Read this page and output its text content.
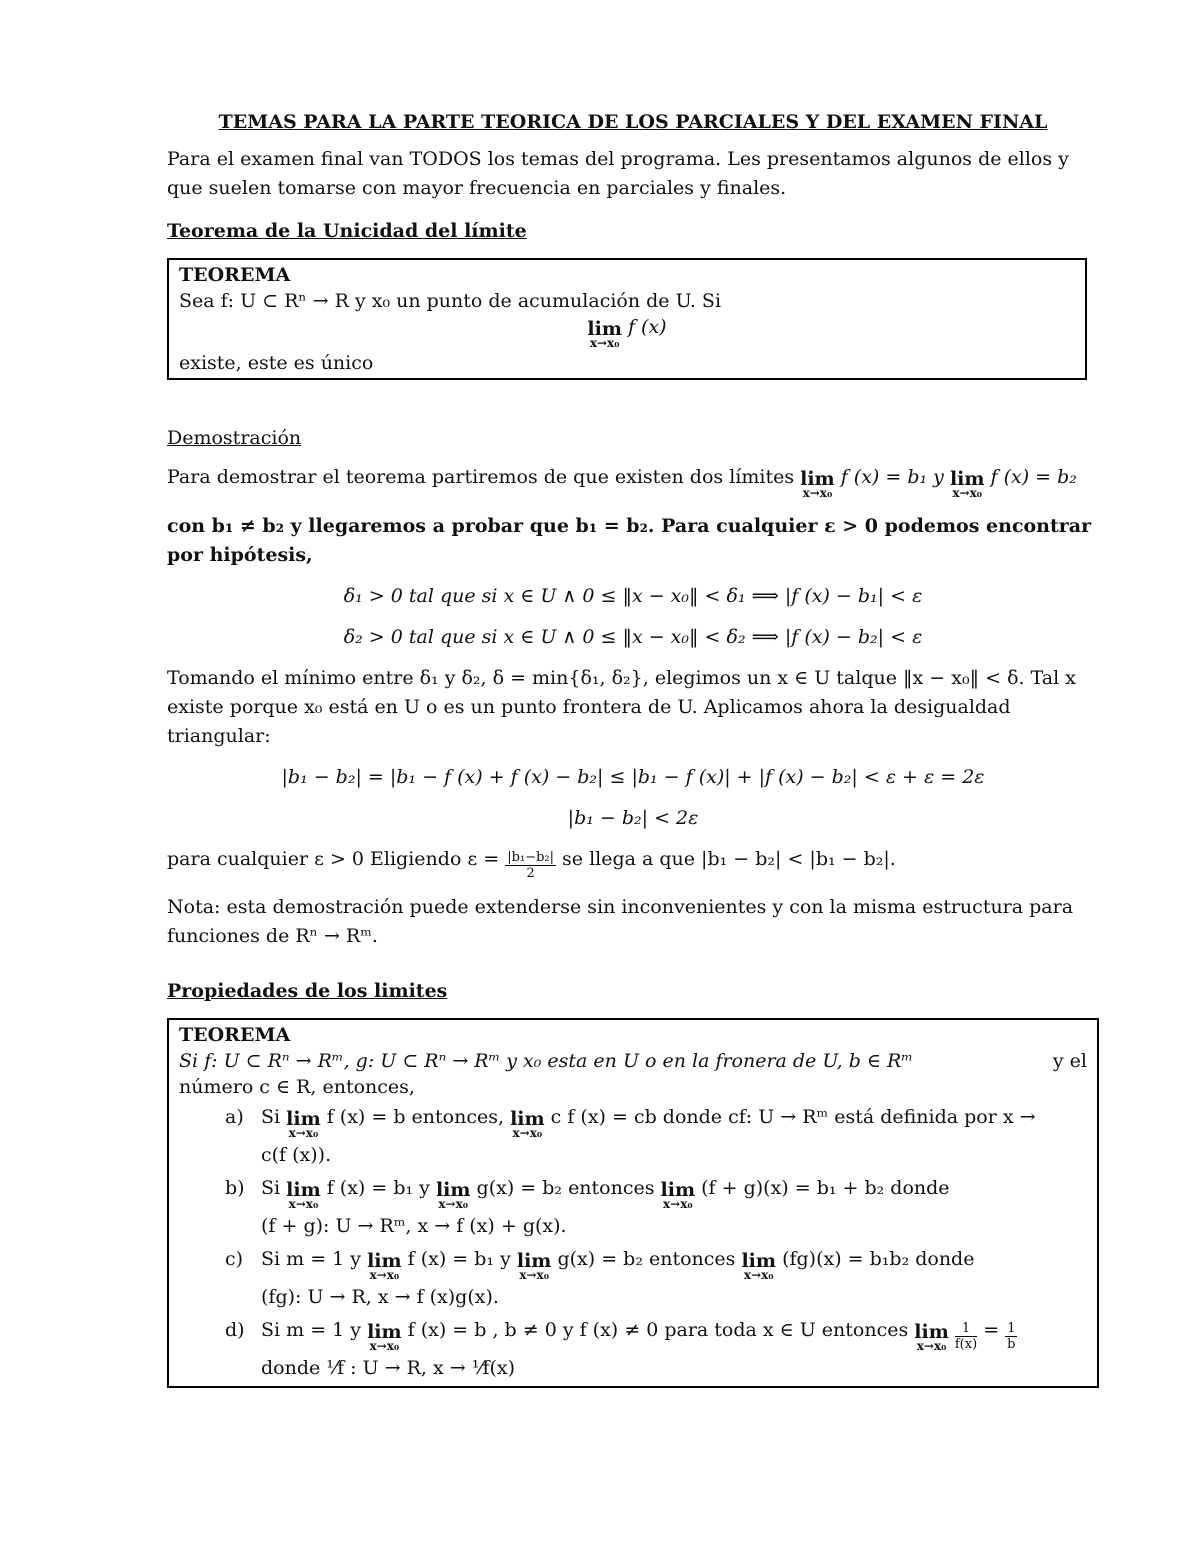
TEMAS PARA LA PARTE TEORICA DE LOS PARCIALES Y DEL EXAMEN FINAL

Para el examen final van TODOS los temas del programa. Les presentamos algunos de ellos y que suelen tomarse con mayor frecuencia en parciales y finales.

Teorema de la Unicidad del límite

TEOREMA
Sea f: U ⊂ Rⁿ → R y x₀ un punto de acumulación de U. Si
lim
x→x₀
f (x)
existe, este es único

Demostración

Para demostrar el teorema partiremos de que existen dos límites lim
x→x₀
f (x) = b₁ y lim
x→x₀
f (x) = b₂

con b₁ ≠ b₂ y llegaremos a probar que b₁ = b₂. Para cualquier ε > 0 podemos encontrar por hipótesis,

δ₁ > 0 tal que si x ∈ U ∧ 0 ≤ ‖x − x₀‖ < δ₁ ⟹ |f (x) − b₁| < ε

δ₂ > 0 tal que si x ∈ U ∧ 0 ≤ ‖x − x₀‖ < δ₂ ⟹ |f (x) − b₂| < ε

Tomando el mínimo entre δ₁ y δ₂, δ = min{δ₁, δ₂}, elegimos un x ∈ U talque ‖x − x₀‖ < δ. Tal x existe porque x₀ está en U o es un punto frontera de U. Aplicamos ahora la desigualdad triangular:

|b₁ − b₂| = |b₁ − f (x) + f (x) − b₂| ≤ |b₁ − f (x)| + |f (x) − b₂| < ε + ε = 2ε

|b₁ − b₂| < 2ε

para cualquier ε > 0 Eligiendo $\varepsilon = \frac{\text{|b₁−b₂|}}{2}$ se llega a que |b₁ − b₂| < |b₁ − b₂|.

Nota: esta demostración puede extenderse sin inconvenientes y con la misma estructura para funciones de Rⁿ → Rᵐ.

Propiedades de los limites

TEOREMA
Si f: U ⊂ Rⁿ → Rᵐ, g: U ⊂ Rⁿ → Rᵐ y x₀ esta en U o en la fronera de U, b ∈ Rᵐ	y el
número c ∈ R, entonces,
a) Si lim
x→x₀
f (x) = b entonces, lim
x→x₀
c f (x) = cb donde cf: U → Rᵐ está definida por x →
c(f (x)).
b) Si lim
x→x₀
f (x) = b₁ y lim
x→x₀
g(x) = b₂ entonces lim
x→x₀
(f + g)(x) = b₁ + b₂ donde
(f + g): U → Rᵐ, x → f (x) + g(x).
c) Si m = 1 y lim
x→x₀
f (x) = b₁ y lim
x→x₀
g(x) = b₂ entonces lim
x→x₀
(fg)(x) = b₁b₂ donde
(fg): U → R, x → f (x)g(x).
d) Si m = 1 y lim
x→x₀
f (x) = b , b ≠ 0 y f (x) ≠ 0 para toda x ∈ U entonces lim
x→x₀
$\frac{1}{f(x)} = \frac{1}{b}$
donde ¹⁄f : U → R, x → ¹⁄f(x)
